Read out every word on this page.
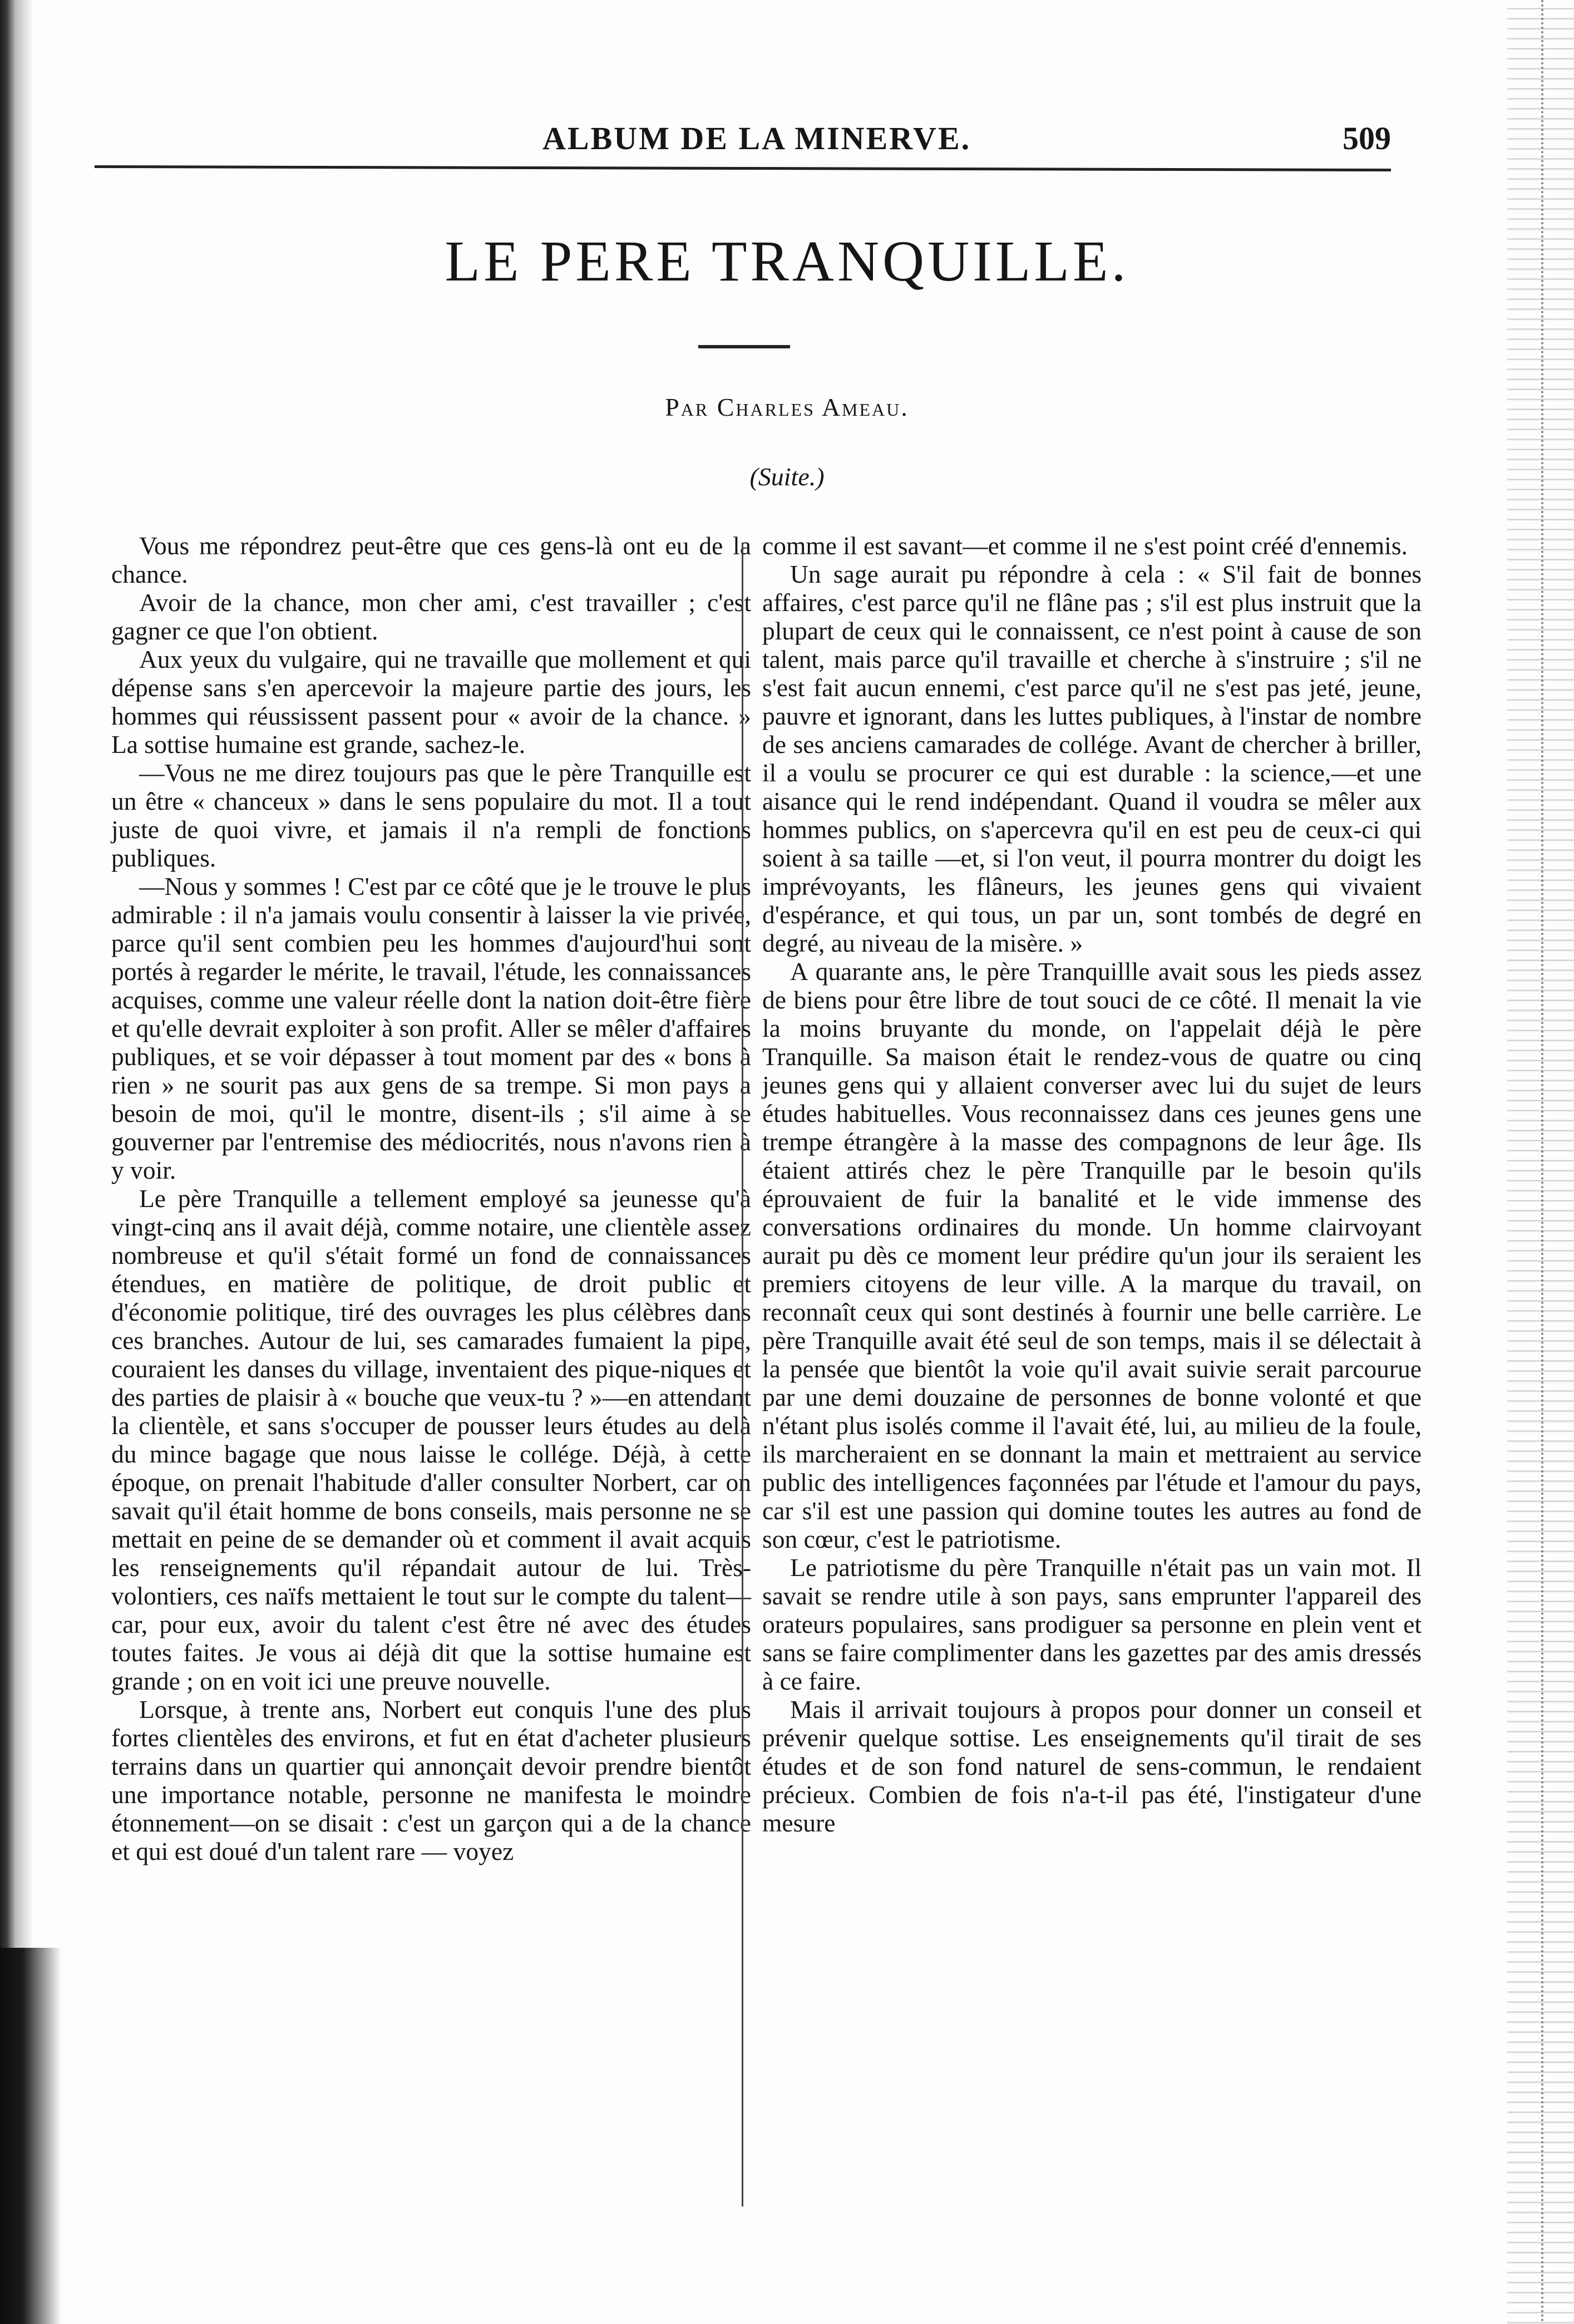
ALBUM DE LA MINERVE.	509
LE PERE TRANQUILLE.
Par Charles Ameau.
(Suite.)

Vous me répondrez peut-être que ces gens-là ont eu de la chance.

Avoir de la chance, mon cher ami, c'est travailler ; c'est gagner ce que l'on obtient.

Aux yeux du vulgaire, qui ne travaille que mollement et qui dépense sans s'en apercevoir la majeure partie des jours, les hommes qui réussissent passent pour « avoir de la chance. » La sottise humaine est grande, sachez-le.

—Vous ne me direz toujours pas que le père Tranquille est un être « chanceux » dans le sens populaire du mot. Il a tout juste de quoi vivre, et jamais il n'a rempli de fonctions publiques.

—Nous y sommes ! C'est par ce côté que je le trouve le plus admirable : il n'a jamais voulu consentir à laisser la vie privée, parce qu'il sent combien peu les hommes d'aujourd'hui sont portés à regarder le mérite, le travail, l'étude, les connaissances acquises, comme une valeur réelle dont la nation doit-être fière et qu'elle devrait exploiter à son profit. Aller se mêler d'affaires publiques, et se voir dépasser à tout moment par des « bons à rien » ne sourit pas aux gens de sa trempe. Si mon pays a besoin de moi, qu'il le montre, disent-ils ; s'il aime à se gouverner par l'entremise des médiocrités, nous n'avons rien à y voir.

Le père Tranquille a tellement employé sa jeunesse qu'à vingt-cinq ans il avait déjà, comme notaire, une clientèle assez nombreuse et qu'il s'était formé un fond de connaissances étendues, en matière de politique, de droit public et d'économie politique, tiré des ouvrages les plus célèbres dans ces branches. Autour de lui, ses camarades fumaient la pipe, couraient les danses du village, inventaient des pique-niques et des parties de plaisir à « bouche que veux-tu ? »—en attendant la clientèle, et sans s'occuper de pousser leurs études au delà du mince bagage que nous laisse le collége. Déjà, à cette époque, on prenait l'habitude d'aller consulter Norbert, car on savait qu'il était homme de bons conseils, mais personne ne se mettait en peine de se demander où et comment il avait acquis les renseignements qu'il répandait autour de lui. Très-volontiers, ces naïfs mettaient le tout sur le compte du talent—car, pour eux, avoir du talent c'est être né avec des études toutes faites. Je vous ai déjà dit que la sottise humaine est grande ; on en voit ici une preuve nouvelle.

Lorsque, à trente ans, Norbert eut conquis l'une des plus fortes clientèles des environs, et fut en état d'acheter plusieurs terrains dans un quartier qui annonçait devoir prendre bientôt une importance notable, personne ne manifesta le moindre étonnement—on se disait : c'est un garçon qui a de la chance et qui est doué d'un talent rare — voyez

comme il est savant—et comme il ne s'est point créé d'ennemis.

Un sage aurait pu répondre à cela : « S'il fait de bonnes affaires, c'est parce qu'il ne flâne pas ; s'il est plus instruit que la plupart de ceux qui le connaissent, ce n'est point à cause de son talent, mais parce qu'il travaille et cherche à s'instruire ; s'il ne s'est fait aucun ennemi, c'est parce qu'il ne s'est pas jeté, jeune, pauvre et ignorant, dans les luttes publiques, à l'instar de nombre de ses anciens camarades de collége. Avant de chercher à briller, il a voulu se procurer ce qui est durable : la science,—et une aisance qui le rend indépendant. Quand il voudra se mêler aux hommes publics, on s'apercevra qu'il en est peu de ceux-ci qui soient à sa taille —et, si l'on veut, il pourra montrer du doigt les imprévoyants, les flâneurs, les jeunes gens qui vivaient d'espérance, et qui tous, un par un, sont tombés de degré en degré, au niveau de la misère. »

A quarante ans, le père Tranquillle avait sous les pieds assez de biens pour être libre de tout souci de ce côté. Il menait la vie la moins bruyante du monde, on l'appelait déjà le père Tranquille. Sa maison était le rendez-vous de quatre ou cinq jeunes gens qui y allaient converser avec lui du sujet de leurs études habituelles. Vous reconnaissez dans ces jeunes gens une trempe étrangère à la masse des compagnons de leur âge. Ils étaient attirés chez le père Tranquille par le besoin qu'ils éprouvaient de fuir la banalité et le vide immense des conversations ordinaires du monde. Un homme clairvoyant aurait pu dès ce moment leur prédire qu'un jour ils seraient les premiers citoyens de leur ville. A la marque du travail, on reconnaît ceux qui sont destinés à fournir une belle carrière. Le père Tranquille avait été seul de son temps, mais il se délectait à la pensée que bientôt la voie qu'il avait suivie serait parcourue par une demi douzaine de personnes de bonne volonté et que n'étant plus isolés comme il l'avait été, lui, au milieu de la foule, ils marcheraient en se donnant la main et mettraient au service public des intelligences façonnées par l'étude et l'amour du pays, car s'il est une passion qui domine toutes les autres au fond de son cœur, c'est le patriotisme.

Le patriotisme du père Tranquille n'était pas un vain mot. Il savait se rendre utile à son pays, sans emprunter l'appareil des orateurs populaires, sans prodiguer sa personne en plein vent et sans se faire complimenter dans les gazettes par des amis dressés à ce faire.

Mais il arrivait toujours à propos pour donner un conseil et prévenir quelque sottise. Les enseignements qu'il tirait de ses études et de son fond naturel de sens-commun, le rendaient précieux. Combien de fois n'a-t-il pas été, l'instigateur d'une mesure
